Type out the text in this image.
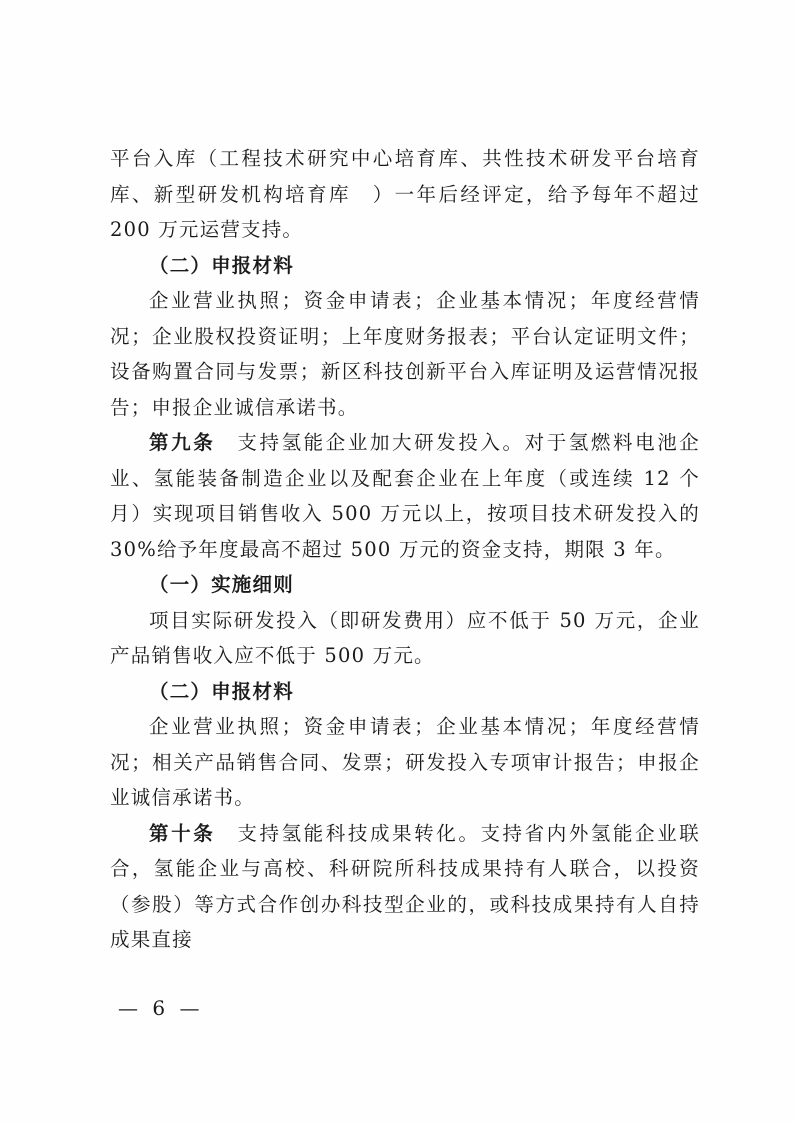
平台入库（工程技术研究中心培育库、共性技术研发平台培育库、新型研发机构培育库　）一年后经评定，给予每年不超过 200 万元运营支持。

（二）申报材料

企业营业执照；资金申请表；企业基本情况；年度经营情况；企业股权投资证明；上年度财务报表；平台认定证明文件；设备购置合同与发票；新区科技创新平台入库证明及运营情况报告；申报企业诚信承诺书。

第九条　支持氢能企业加大研发投入。对于氢燃料电池企业、氢能装备制造企业以及配套企业在上年度（或连续 12 个月）实现项目销售收入 500 万元以上，按项目技术研发投入的 30%给予年度最高不超过 500 万元的资金支持，期限 3 年。

（一）实施细则

项目实际研发投入（即研发费用）应不低于 50 万元，企业产品销售收入应不低于 500 万元。

（二）申报材料

企业营业执照；资金申请表；企业基本情况；年度经营情况；相关产品销售合同、发票；研发投入专项审计报告；申报企业诚信承诺书。

第十条　支持氢能科技成果转化。支持省内外氢能企业联合，氢能企业与高校、科研院所科技成果持有人联合，以投资（参股）等方式合作创办科技型企业的，或科技成果持有人自持成果直接

— 6 —
